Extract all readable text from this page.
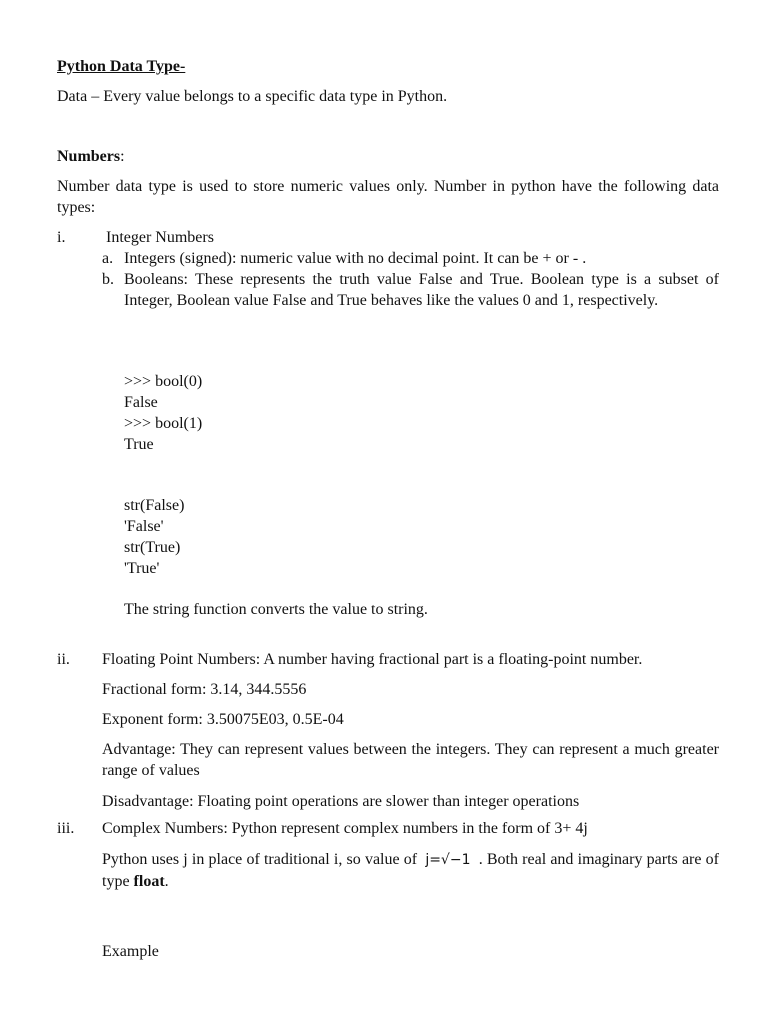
Python Data Type-
Data – Every value belongs to a specific data type in Python.
Numbers:
Number data type is used to store numeric values only. Number in python have the following data types:
i.	Integer Numbers
a. Integers (signed): numeric value with no decimal point. It can be + or - .
b. Booleans: These represents the truth value False and True. Boolean type is a subset of Integer, Boolean value False and True behaves like the values 0 and 1, respectively.
>>> bool(0)
False
>>> bool(1)
True
str(False)
'False'
str(True)
'True'
The string function converts the value to string.
ii. Floating Point Numbers: A number having fractional part is a floating-point number.
Fractional form: 3.14, 344.5556
Exponent form: 3.50075E03, 0.5E-04
Advantage: They can represent values between the integers. They can represent a much greater range of values
Disadvantage: Floating point operations are slower than integer operations
iii. Complex Numbers: Python represent complex numbers in the form of 3+ 4j
Python uses j in place of traditional i, so value of j=√−1 . Both real and imaginary parts are of type float.
Example
